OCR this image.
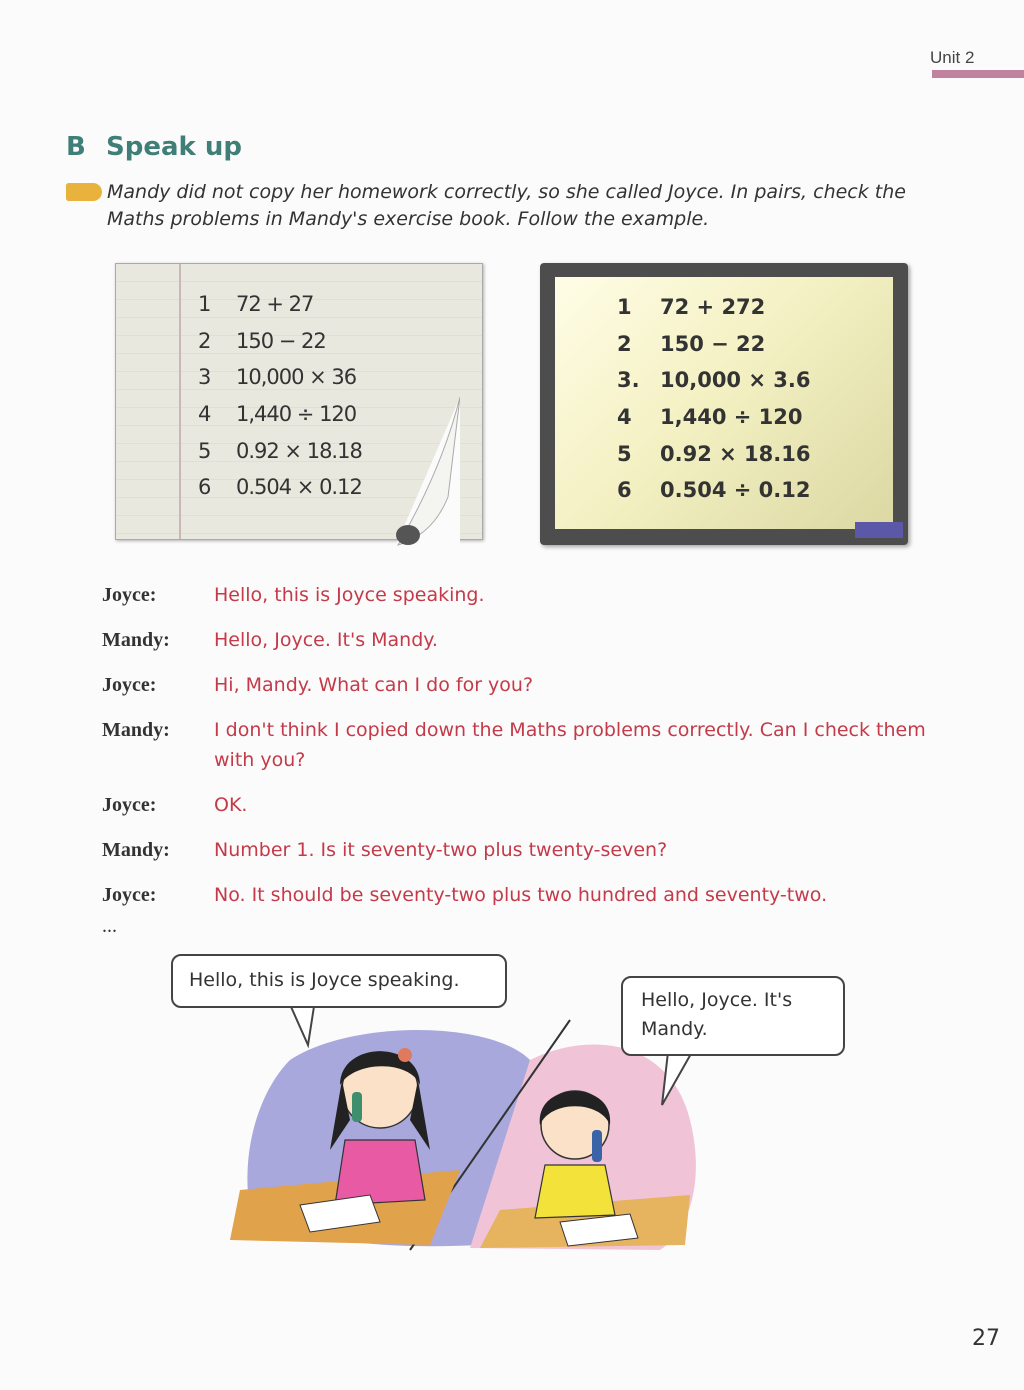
Unit 2
B Speak up
Mandy did not copy her homework correctly, so she called Joyce. In pairs, check the Maths problems in Mandy's exercise book. Follow the example.
1 72 + 27
2 150 − 22
3 10,000 × 36
4 1,440 ÷ 120
5 0.92 × 18.18
6 0.504 × 0.12
1 72 + 272
2 150 − 22
3. 10,000 × 3.6
4 1,440 ÷ 120
5 0.92 × 18.16
6 0.504 ÷ 0.12
Joyce:	Hello, this is Joyce speaking.
Mandy:	Hello, Joyce. It's Mandy.
Joyce:	Hi, Mandy. What can I do for you?
Mandy:	I don't think I copied down the Maths problems correctly. Can I check them with you?
Joyce:	OK.
Mandy:	Number 1. Is it seventy-two plus twenty-seven?
Joyce:	No. It should be seventy-two plus two hundred and seventy-two.
...
Hello, this is Joyce speaking.
Hello, Joyce. It's Mandy.
27
